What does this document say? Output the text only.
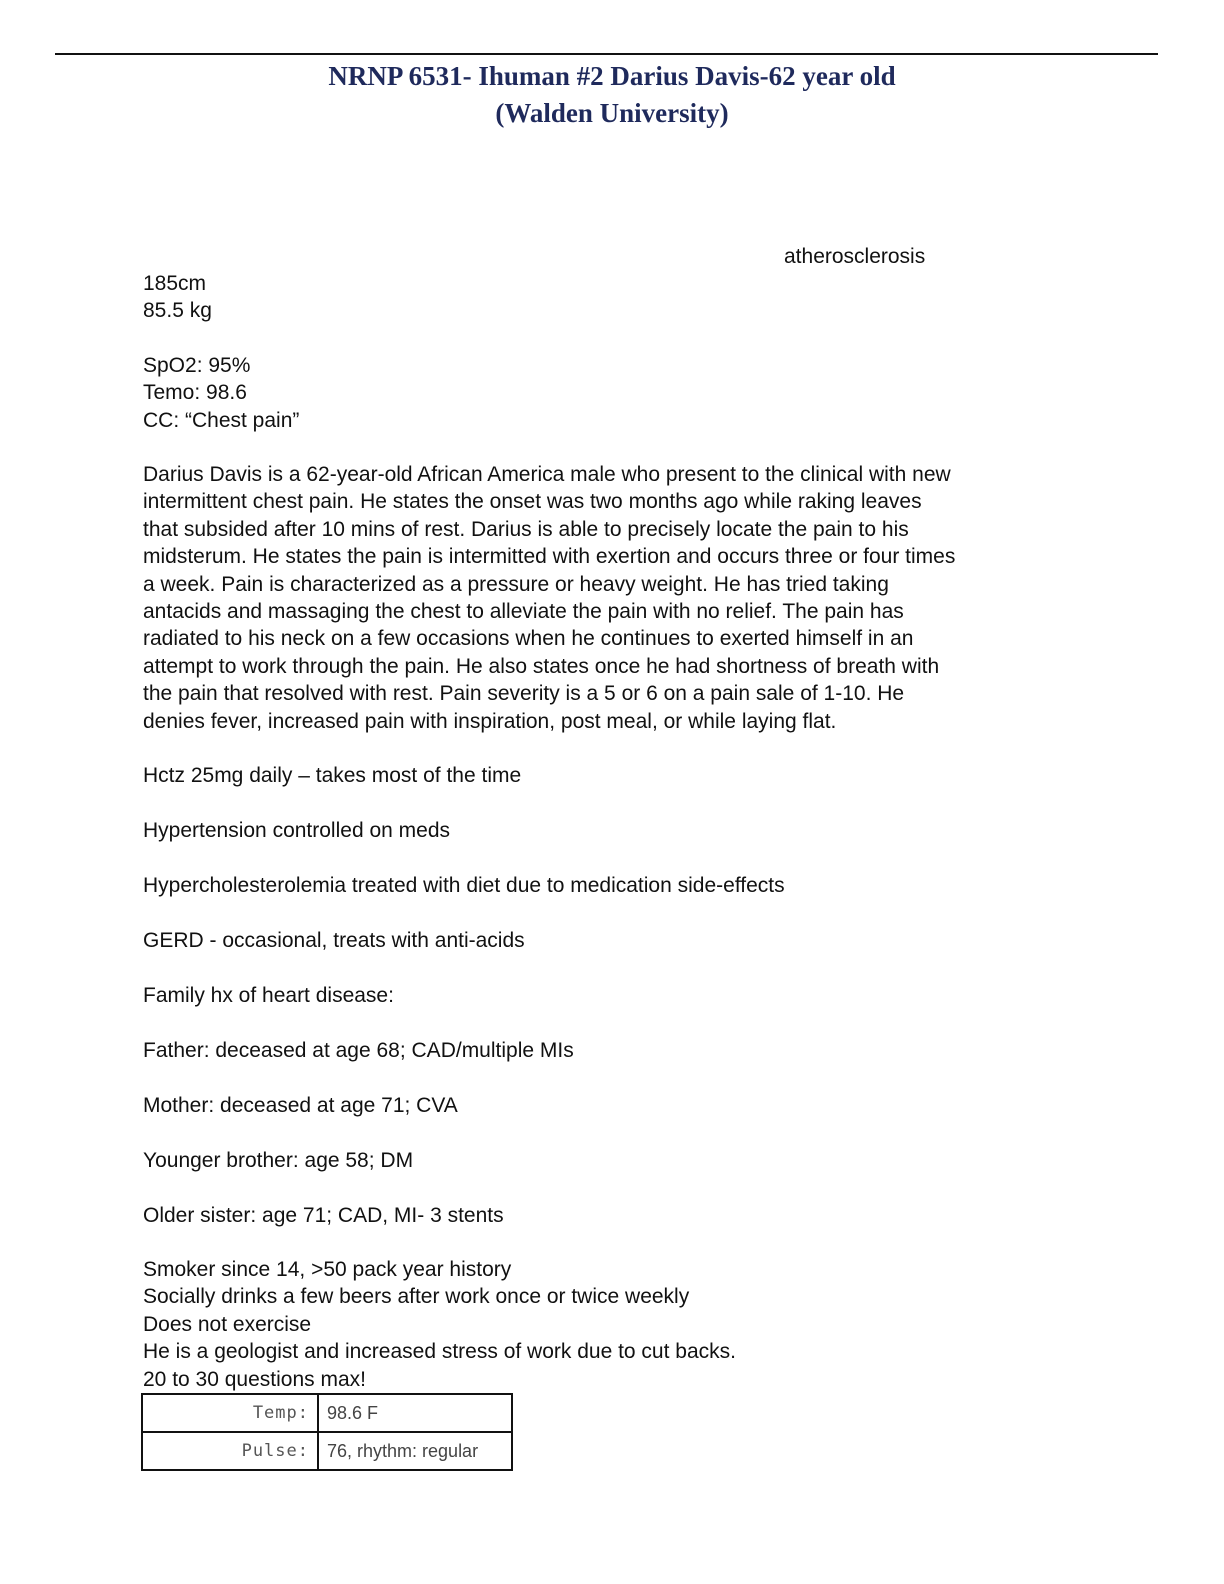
NRNP 6531- Ihuman #2 Darius Davis-62 year old
(Walden University)
atherosclerosis
185cm
85.5 kg
SpO2: 95%
Temo: 98.6
CC: “Chest pain”
Darius Davis is a 62-year-old African America male who present to the clinical with new
intermittent chest pain. He states the onset was two months ago while raking leaves
that subsided after 10 mins of rest. Darius is able to precisely locate the pain to his
midsterum. He states the pain is intermitted with exertion and occurs three or four times
a week. Pain is characterized as a pressure or heavy weight. He has tried taking
antacids and massaging the chest to alleviate the pain with no relief. The pain has
radiated to his neck on a few occasions when he continues to exerted himself in an
attempt to work through the pain. He also states once he had shortness of breath with
the pain that resolved with rest. Pain severity is a 5 or 6 on a pain sale of 1-10. He
denies fever, increased pain with inspiration, post meal, or while laying flat.
Hctz 25mg daily – takes most of the time
Hypertension controlled on meds
Hypercholesterolemia treated with diet due to medication side-effects
GERD - occasional, treats with anti-acids
Family hx of heart disease:
Father: deceased at age 68; CAD/multiple MIs
Mother: deceased at age 71; CVA
Younger brother: age 58; DM
Older sister: age 71; CAD, MI- 3 stents
Smoker since 14, >50 pack year history
Socially drinks a few beers after work once or twice weekly
Does not exercise
He is a geologist and increased stress of work due to cut backs.
20 to 30 questions max!
Temp:	98.6 F
Pulse:	76, rhythm: regular
